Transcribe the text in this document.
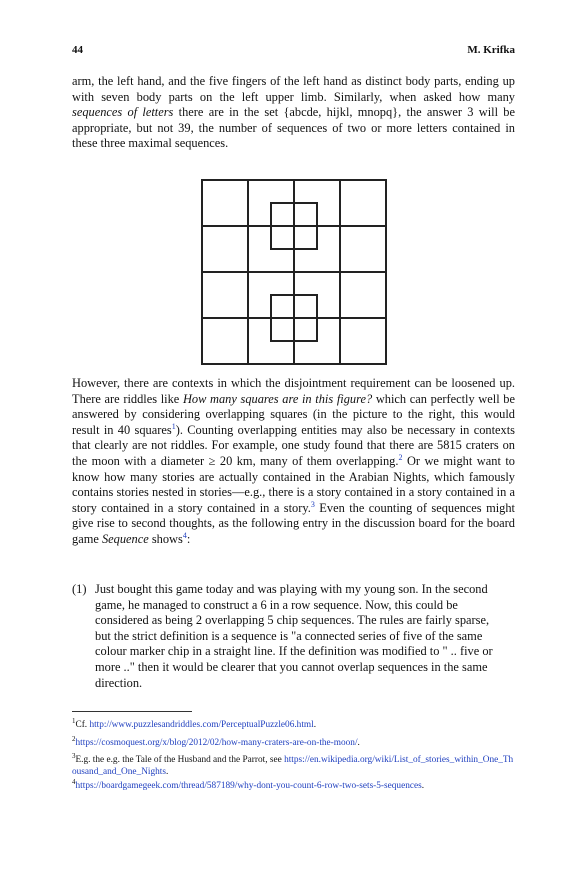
44	M. Krifka

arm, the left hand, and the five fingers of the left hand as distinct body parts, ending up with seven body parts on the left upper limb. Similarly, when asked how many sequences of letters there are in the set {abcde, hijkl, mnopq}, the answer 3 will be appropriate, but not 39, the number of sequences of two or more letters contained in these three maximal sequences.

However, there are contexts in which the disjointment requirement can be loosened up. There are riddles like How many squares are in this figure? which can perfectly well be answered by considering overlapping squares (in the picture to the right, this would result in 40 squares$^1$). Counting overlapping entities may also be necessary in contexts that clearly are not riddles. For example, one study found that there are 5815 craters on the moon with a diameter ≥ 20 km, many of them overlapping.$^2$ Or we might want to know how many stories are actually contained in the Arabian Nights, which famously contains stories nested in stories—e.g., there is a story contained in a story contained in a story contained in a story contained in a story.$^3$ Even the counting of sequences might give rise to second thoughts, as the following entry in the discussion board for the board game Sequence shows$^4$:

(1) Just bought this game today and was playing with my young son. In the second game, he managed to construct a 6 in a row sequence. Now, this could be considered as being 2 overlapping 5 chip sequences. The rules are fairly sparse, but the strict definition is a sequence is "a connected series of five of the same colour marker chip in a straight line. If the definition was modified to " .. five or more .." then it would be clearer that you cannot overlap sequences in the same direction.
$^1$Cf. http://www.puzzlesandriddles.com/PerceptualPuzzle06.html.
$^2$https://cosmoquest.org/x/blog/2012/02/how-many-craters-are-on-the-moon/.
$^3$E.g. the e.g. the Tale of the Husband and the Parrot, see https://en.wikipedia.org/wiki/List_of_stories_within_One_Thousand_and_One_Nights.
$^4$https://boardgamegeek.com/thread/587189/why-dont-you-count-6-row-two-sets-5-sequences.
